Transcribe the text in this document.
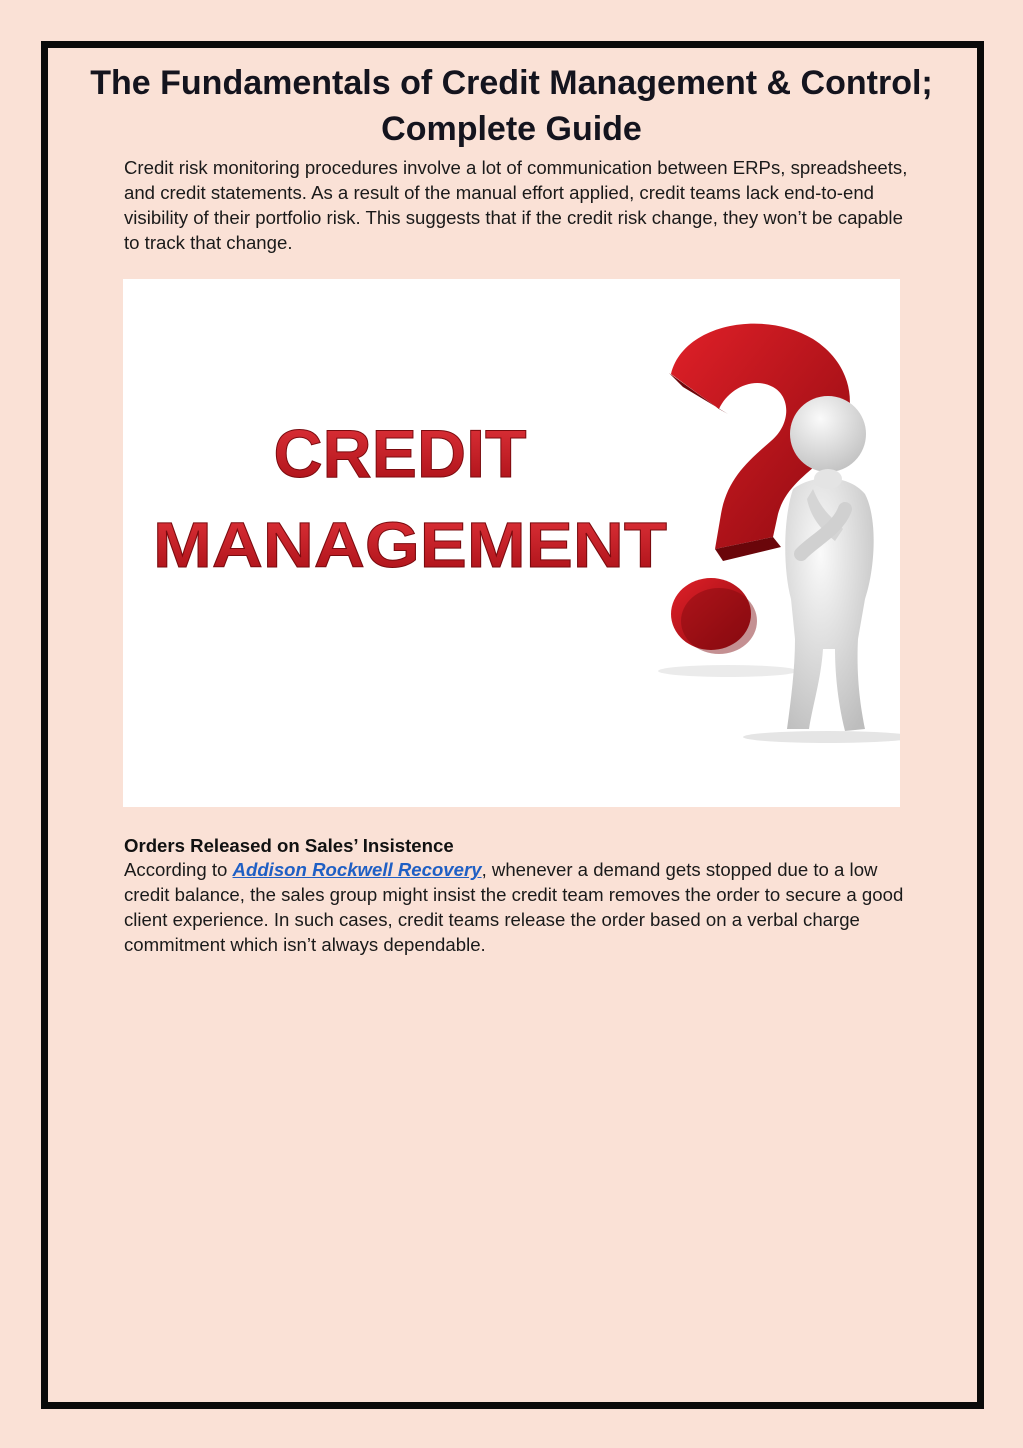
The Fundamentals of Credit Management & Control; Complete Guide

Credit risk monitoring procedures involve a lot of communication between ERPs, spreadsheets, and credit statements. As a result of the manual effort applied, credit teams lack end-to-end visibility of their portfolio risk. This suggests that if the credit risk change, they won’t be capable to track that change.

CREDIT
MANAGEMENT
Orders Released on Sales’ Insistence

According to Addison Rockwell Recovery, whenever a demand gets stopped due to a low credit balance, the sales group might insist the credit team removes the order to secure a good client experience. In such cases, credit teams release the order based on a verbal charge commitment which isn’t always dependable.
